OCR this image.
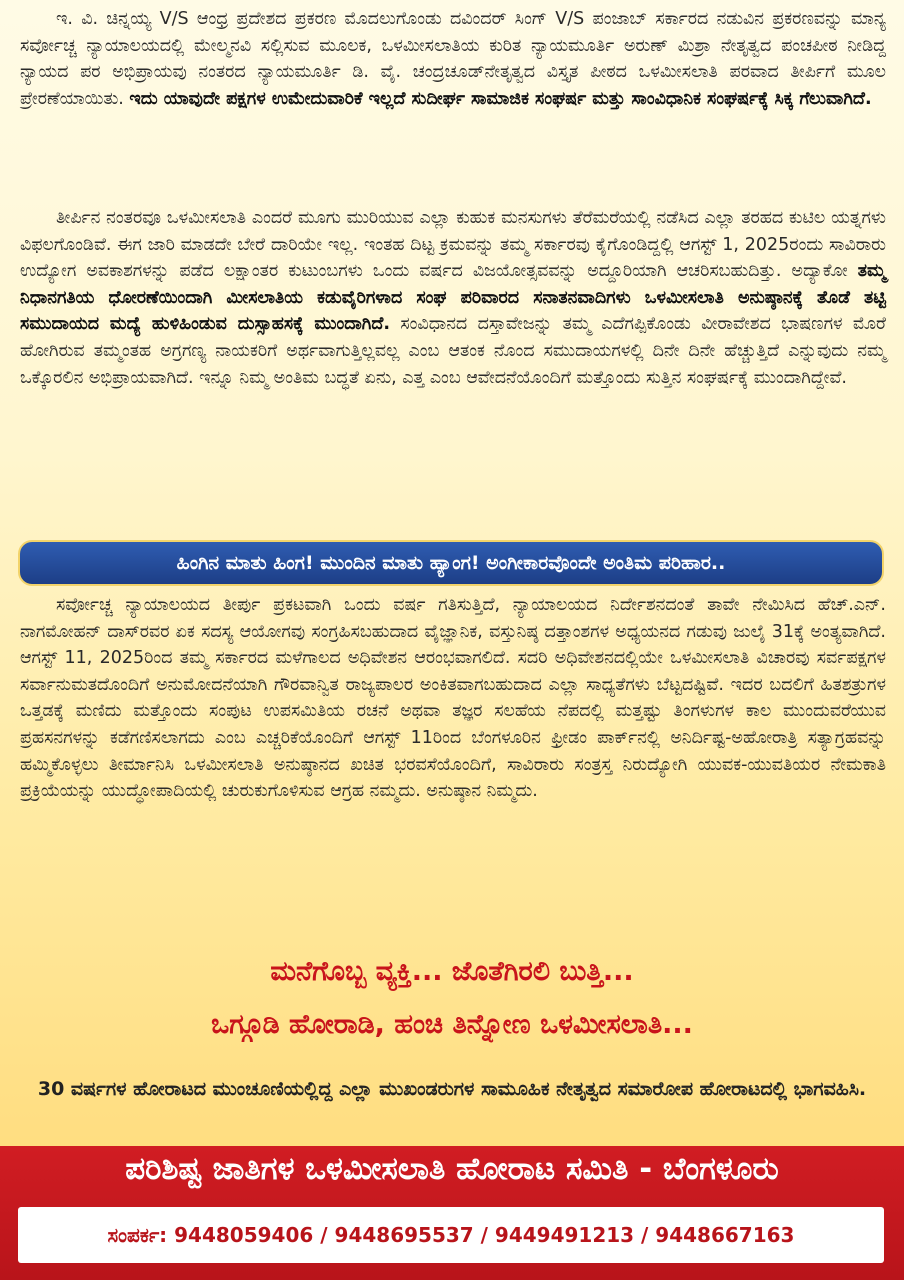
ಇ. ವಿ. ಚಿನ್ನಯ್ಯ V/S ಆಂಧ್ರ ಪ್ರದೇಶದ ಪ್ರಕರಣ ಮೊದಲುಗೊಂಡು ದವಿಂದರ್ ಸಿಂಗ್ V/S ಪಂಜಾಬ್ ಸರ್ಕಾರದ ನಡುವಿನ ಪ್ರಕರಣವನ್ನು ಮಾನ್ಯ ಸರ್ವೋಚ್ಚ ನ್ಯಾಯಾಲಯದಲ್ಲಿ ಮೇಲ್ಮನವಿ ಸಲ್ಲಿಸುವ ಮೂಲಕ, ಒಳಮೀಸಲಾತಿಯ ಕುರಿತ ನ್ಯಾಯಮೂರ್ತಿ ಅರುಣ್ ಮಿಶ್ರಾ ನೇತೃತ್ವದ ಪಂಚಪೀಠ ನೀಡಿದ್ದ ನ್ಯಾಯದ ಪರ ಅಭಿಪ್ರಾಯವು ನಂತರದ ನ್ಯಾಯಮೂರ್ತಿ ಡಿ. ವೈ. ಚಂದ್ರಚೂಡ್‌ನೇತೃತ್ವದ ವಿಸ್ತೃತ ಪೀಠದ ಒಳಮೀಸಲಾತಿ ಪರವಾದ ತೀರ್ಪಿಗೆ ಮೂಲ ಪ್ರೇರಣೆಯಾಯಿತು. ಇದು ಯಾವುದೇ ಪಕ್ಷಗಳ ಉಮೇದುವಾರಿಕೆ ಇಲ್ಲದೆ ಸುದೀರ್ಘ ಸಾಮಾಜಿಕ ಸಂಘರ್ಷ ಮತ್ತು ಸಾಂವಿಧಾನಿಕ ಸಂಘರ್ಷಕ್ಕೆ ಸಿಕ್ಕ ಗೆಲುವಾಗಿದೆ.

ತೀರ್ಪಿನ ನಂತರವೂ ಒಳಮೀಸಲಾತಿ ಎಂದರೆ ಮೂಗು ಮುರಿಯುವ ಎಲ್ಲಾ ಕುಹುಕ ಮನಸುಗಳು ತೆರೆಮರೆಯಲ್ಲಿ ನಡೆಸಿದ ಎಲ್ಲಾ ತರಹದ ಕುಟಿಲ ಯತ್ನಗಳು ವಿಫಲಗೊಂಡಿವೆ. ಈಗ ಜಾರಿ ಮಾಡದೇ ಬೇರೆ ದಾರಿಯೇ ಇಲ್ಲ. ಇಂತಹ ದಿಟ್ಟ ಕ್ರಮವನ್ನು ತಮ್ಮ ಸರ್ಕಾರವು ಕೈಗೊಂಡಿದ್ದಲ್ಲಿ ಆಗಸ್ಟ್ 1, 2025ರಂದು ಸಾವಿರಾರು ಉದ್ಯೋಗ ಅವಕಾಶಗಳನ್ನು ಪಡೆದ ಲಕ್ಷಾಂತರ ಕುಟುಂಬಗಳು ಒಂದು ವರ್ಷದ ವಿಜಯೋತ್ಸವವನ್ನು ಅದ್ದೂರಿಯಾಗಿ ಆಚರಿಸಬಹುದಿತ್ತು. ಅದ್ಯಾಕೋ ತಮ್ಮ ನಿಧಾನಗತಿಯ ಧೋರಣೆಯಿಂದಾಗಿ ಮೀಸಲಾತಿಯ ಕಡುವೈರಿಗಳಾದ ಸಂಘ ಪರಿವಾರದ ಸನಾತನವಾದಿಗಳು ಒಳಮೀಸಲಾತಿ ಅನುಷ್ಠಾನಕ್ಕೆ ತೊಡೆ ತಟ್ಟಿ ಸಮುದಾಯದ ಮದ್ಯೆ ಹುಳಿಹಿಂಡುವ ದುಸ್ಸಾಹಸಕ್ಕೆ ಮುಂದಾಗಿದೆ. ಸಂವಿಧಾನದ ದಸ್ತಾವೇಜನ್ನು ತಮ್ಮ ಎದೆಗಪ್ಪಿಕೊಂಡು ವೀರಾವೇಶದ ಭಾಷಣಗಳ ಮೊರೆ ಹೋಗಿರುವ ತಮ್ಮಂತಹ ಅಗ್ರಗಣ್ಯ ನಾಯಕರಿಗೆ ಅರ್ಥವಾಗುತ್ತಿಲ್ಲವಲ್ಲ ಎಂಬ ಆತಂಕ ನೊಂದ ಸಮುದಾಯಗಳಲ್ಲಿ ದಿನೇ ದಿನೇ ಹೆಚ್ಚುತ್ತಿದೆ ಎನ್ನುವುದು ನಮ್ಮ ಒಕ್ಕೊರಲಿನ ಅಭಿಪ್ರಾಯವಾಗಿದೆ. ಇನ್ನೂ ನಿಮ್ಮ ಅಂತಿಮ ಬದ್ಧತೆ ಏನು, ಎತ್ತ ಎಂಬ ಆವೇದನೆಯೊಂದಿಗೆ ಮತ್ತೊಂದು ಸುತ್ತಿನ ಸಂಘರ್ಷಕ್ಕೆ ಮುಂದಾಗಿದ್ದೇವೆ.

ಹಿಂಗಿನ ಮಾತು ಹಿಂಗ! ಮುಂದಿನ ಮಾತು ಹ್ಯಾಂಗ! ಅಂಗೀಕಾರವೊಂದೇ ಅಂತಿಮ ಪರಿಹಾರ..

ಸರ್ವೋಚ್ಚ ನ್ಯಾಯಾಲಯದ ತೀರ್ಪು ಪ್ರಕಟವಾಗಿ ಒಂದು ವರ್ಷ ಗತಿಸುತ್ತಿದೆ, ನ್ಯಾಯಾಲಯದ ನಿರ್ದೇಶನದಂತೆ ತಾವೇ ನೇಮಿಸಿದ ಹೆಚ್.ಎನ್. ನಾಗಮೋಹನ್ ದಾಸ್‌ರವರ ಏಕ ಸದಸ್ಯ ಆಯೋಗವು ಸಂಗ್ರಹಿಸಬಹುದಾದ ವೈಜ್ಞಾನಿಕ, ವಸ್ತುನಿಷ್ಠ ದತ್ತಾಂಶಗಳ ಅಧ್ಯಯನದ ಗಡುವು ಜುಲೈ 31ಕ್ಕೆ ಅಂತ್ಯವಾಗಿದೆ. ಆಗಸ್ಟ್ 11, 2025ರಿಂದ ತಮ್ಮ ಸರ್ಕಾರದ ಮಳೆಗಾಲದ ಅಧಿವೇಶನ ಆರಂಭವಾಗಲಿದೆ. ಸದರಿ ಅಧಿವೇಶನದಲ್ಲಿಯೇ ಒಳಮೀಸಲಾತಿ ವಿಚಾರವು ಸರ್ವಪಕ್ಷಗಳ ಸರ್ವಾನುಮತದೊಂದಿಗೆ ಅನುಮೋದನೆಯಾಗಿ ಗೌರವಾನ್ವಿತ ರಾಜ್ಯಪಾಲರ ಅಂಕಿತವಾಗಬಹುದಾದ ಎಲ್ಲಾ ಸಾಧ್ಯತೆಗಳು ಬೆಟ್ಟದಷ್ಟಿವೆ. ಇದರ ಬದಲಿಗೆ ಹಿತಶತ್ರುಗಳ ಒತ್ತಡಕ್ಕೆ ಮಣಿದು ಮತ್ತೊಂದು ಸಂಪುಟ ಉಪಸಮಿತಿಯ ರಚನೆ ಅಥವಾ ತಜ್ಞರ ಸಲಹೆಯ ನೆಪದಲ್ಲಿ ಮತ್ತಷ್ಟು ತಿಂಗಳುಗಳ ಕಾಲ ಮುಂದುವರೆಯುವ ಪ್ರಹಸನಗಳನ್ನು ಕಡೆಗಣಿಸಲಾಗದು ಎಂಬ ಎಚ್ಚರಿಕೆಯೊಂದಿಗೆ ಆಗಸ್ಟ್ 11ರಿಂದ ಬೆಂಗಳೂರಿನ ಫ್ರೀಡಂ ಪಾರ್ಕ್‌ನಲ್ಲಿ ಅನಿರ್ದಿಷ್ಟ-ಅಹೋರಾತ್ರಿ ಸತ್ಯಾಗ್ರಹವನ್ನು ಹಮ್ಮಿಕೊಳ್ಳಲು ತೀರ್ಮಾನಿಸಿ ಒಳಮೀಸಲಾತಿ ಅನುಷ್ಠಾನದ ಖಚಿತ ಭರವಸೆಯೊಂದಿಗೆ, ಸಾವಿರಾರು ಸಂತ್ರಸ್ತ ನಿರುದ್ಯೋಗಿ ಯುವಕ-ಯುವತಿಯರ ನೇಮಕಾತಿ ಪ್ರಕ್ರಿಯೆಯನ್ನು ಯುದ್ಧೋಪಾದಿಯಲ್ಲಿ ಚುರುಕುಗೊಳಿಸುವ ಆಗ್ರಹ ನಮ್ಮದು. ಅನುಷ್ಠಾನ ನಿಮ್ಮದು.

ಮನೆಗೊಬ್ಬ ವ್ಯಕ್ತಿ... ಜೊತೆಗಿರಲಿ ಬುತ್ತಿ...

ಒಗ್ಗೂಡಿ ಹೋರಾಡಿ, ಹಂಚಿ ತಿನ್ನೋಣ ಒಳಮೀಸಲಾತಿ...

30 ವರ್ಷಗಳ ಹೋರಾಟದ ಮುಂಚೂಣಿಯಲ್ಲಿದ್ದ ಎಲ್ಲಾ ಮುಖಂಡರುಗಳ ಸಾಮೂಹಿಕ ನೇತೃತ್ವದ ಸಮಾರೋಪ ಹೋರಾಟದಲ್ಲಿ ಭಾಗವಹಿಸಿ.

ಪರಿಶಿಷ್ಟ ಜಾತಿಗಳ ಒಳಮೀಸಲಾತಿ ಹೋರಾಟ ಸಮಿತಿ - ಬೆಂಗಳೂರು

ಸಂಪರ್ಕ: 9448059406 / 9448695537 / 9449491213 / 9448667163
